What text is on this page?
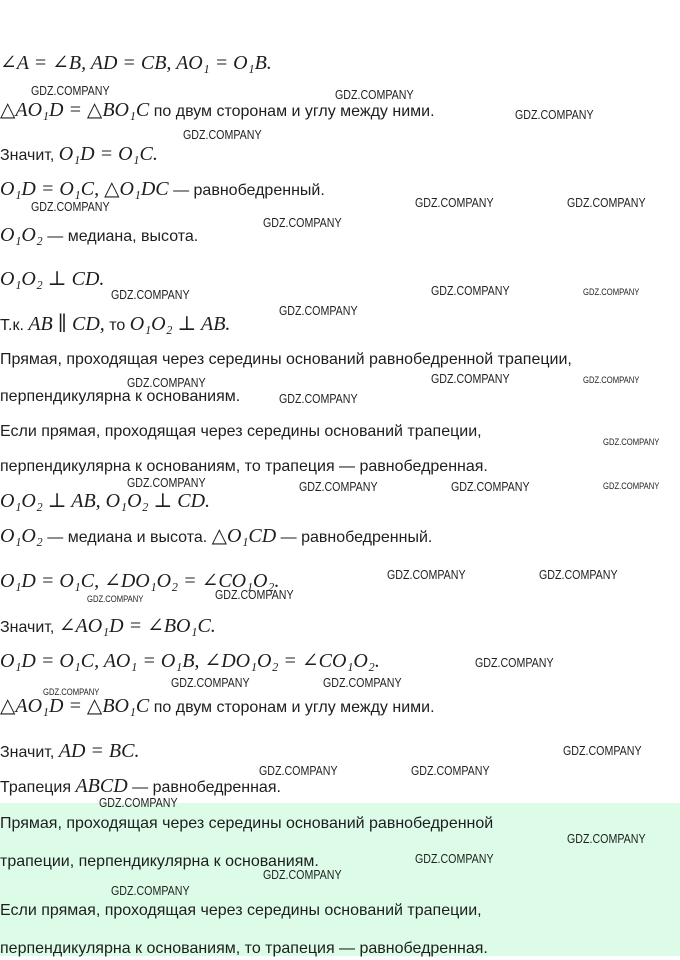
∠A = ∠B, AD = CB, AO₁ = O₁B.
△AO₁D = △BO₁C по двум сторонам и углу между ними.
Значит, O₁D = O₁C.
O₁D = O₁C, △O₁DC — равнобедренный.
O₁O₂ — медиана, высота.
O₁O₂ ⊥ CD.
Т.к. AB ∥ CD, то O₁O₂ ⊥ AB.
Прямая, проходящая через середины оснований равнобедренной трапеции,
перпендикулярна к основаниям.
Если прямая, проходящая через середины оснований трапеции,
перпендикулярна к основаниям, то трапеция — равнобедренная.
O₁O₂ ⊥ AB, O₁O₂ ⊥ CD.
O₁O₂ — медиана и высота. △O₁CD — равнобедренный.
O₁D = O₁C, ∠DO₁O₂ = ∠CO₁O₂.
Значит, ∠AO₁D = ∠BO₁C.
O₁D = O₁C, AO₁ = O₁B, ∠DO₁O₂ = ∠CO₁O₂.
△AO₁D = △BO₁C по двум сторонам и углу между ними.
Значит, AD = BC.
Трапеция ABCD — равнобедренная.
Прямая, проходящая через середины оснований равнобедренной
трапеции, перпендикулярна к основаниям.
Если прямая, проходящая через середины оснований трапеции,
перпендикулярна к основаниям, то трапеция — равнобедренная.
GDZ.COMPANY
GDZ.COMPANY
GDZ.COMPANY
GDZ.COMPANY
GDZ.COMPANY	GDZ.COMPANY	GDZ.COMPANY
GDZ.COMPANY
GDZ.COMPANY	GDZ.COMPANY	GDZ.COMPANY
GDZ.COMPANY
GDZ.COMPANY	GDZ.COMPANY	GDZ.COMPANY
GDZ.COMPANY
GDZ.COMPANY
GDZ.COMPANY	GDZ.COMPANY	GDZ.COMPANY	GDZ.COMPANY
GDZ.COMPANY	GDZ.COMPANY
GDZ.COMPANY	GDZ.COMPANY
GDZ.COMPANY
GDZ.COMPANY	GDZ.COMPANY
GDZ.COMPANY
GDZ.COMPANY
GDZ.COMPANY	GDZ.COMPANY
GDZ.COMPANY
GDZ.COMPANY
GDZ.COMPANY
GDZ.COMPANY
GDZ.COMPANY
